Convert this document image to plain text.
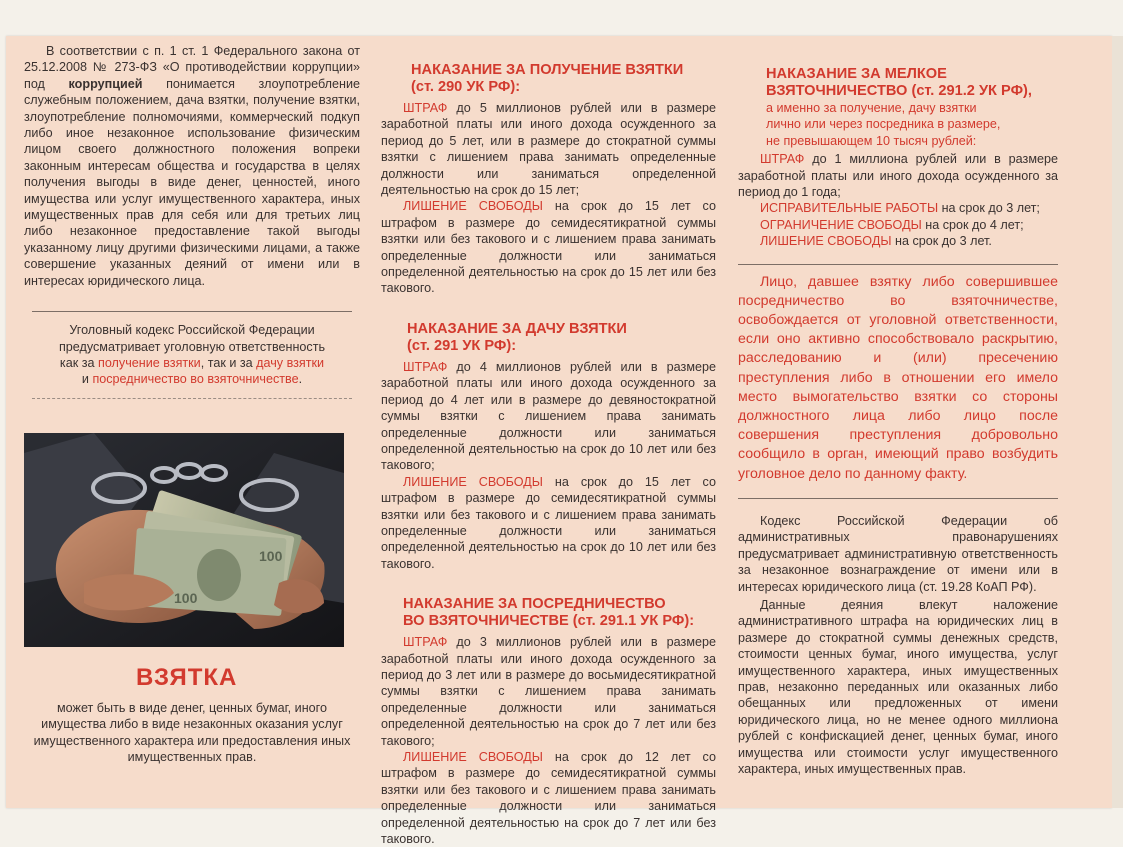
В соответствии с п. 1 ст. 1 Федерального закона от 25.12.2008 № 273-ФЗ «О противодействии коррупции» под коррупцией понимается злоупотребление служебным положением, дача взятки, получение взятки, злоупотребление полномочиями, коммерческий подкуп либо иное незаконное использование физическим лицом своего должностного положения вопреки законным интересам общества и государства в целях получения выгоды в виде денег, ценностей, иного имущества или услуг имущественного характера, иных имущественных прав для себя или для третьих лиц либо незаконное предоставление такой выгоды указанному лицу другими физическими лицами, а также совершение указанных деяний от имени или в интересах юридического лица.

Уголовный кодекс Российской Федерации
предусматривает уголовную ответственность
как за получение взятки, так и за дачу взятки
и посредничество во взяточничестве.
100
100
ВЗЯТКА
может быть в виде денег, ценных бумаг, иного имущества либо в виде незаконных оказания услуг имущественного характера или предоставления иных имущественных прав.
НАКАЗАНИЕ ЗА ПОЛУЧЕНИЕ ВЗЯТКИ
(ст. 290 УК РФ):

ШТРАФ до 5 миллионов рублей или в размере заработной платы или иного дохода осужденного за период до 5 лет, или в размере до стократной суммы взятки с лишением права занимать определенные должности или заниматься определенной деятельностью на срок до 15 лет;

ЛИШЕНИЕ СВОБОДЫ на срок до 15 лет со штрафом в размере до семидесятикратной суммы взятки или без такового и с лишением права занимать определенные должности или заниматься определенной деятельностью на срок до 15 лет или без такового.

НАКАЗАНИЕ ЗА ДАЧУ ВЗЯТКИ
(ст. 291 УК РФ):

ШТРАФ до 4 миллионов рублей или в размере заработной платы или иного дохода осужденного за период до 4 лет или в размере до девяностократной суммы взятки с лишением права занимать определенные должности или заниматься определенной деятельностью на срок до 10 лет или без такового;

ЛИШЕНИЕ СВОБОДЫ на срок до 15 лет со штрафом в размере до семидесятикратной суммы взятки или без такового и с лишением права занимать определенные должности или заниматься определенной деятельностью на срок до 10 лет или без такового.

НАКАЗАНИЕ ЗА ПОСРЕДНИЧЕСТВО
ВО ВЗЯТОЧНИЧЕСТВЕ (ст. 291.1 УК РФ):

ШТРАФ до 3 миллионов рублей или в размере заработной платы или иного дохода осужденного за период до 3 лет или в размере до восьмидесятикратной суммы взятки с лишением права занимать определенные должности или заниматься определенной деятельностью на срок до 7 лет или без такового;

ЛИШЕНИЕ СВОБОДЫ на срок до 12 лет со штрафом в размере до семидесятикратной суммы взятки или без такового и с лишением права занимать определенные должности или заниматься определенной деятельностью на срок до 7 лет или без такового.

НАКАЗАНИЕ ЗА МЕЛКОЕ
ВЗЯТОЧНИЧЕСТВО (ст. 291.2 УК РФ),
а именно за получение, дачу взятки
лично или через посредника в размере,
не превышающем 10 тысяч рублей:

ШТРАФ до 1 миллиона рублей или в размере заработной платы или иного дохода осужденного за период до 1 года;

ИСПРАВИТЕЛЬНЫЕ РАБОТЫ на срок до 3 лет;
ОГРАНИЧЕНИЕ СВОБОДЫ на срок до 4 лет;
ЛИШЕНИЕ СВОБОДЫ на срок до 3 лет.

Лицо, давшее взятку либо совершившее посредничество во взяточничестве, освобождается от уголовной ответственности, если оно активно способствовало раскрытию, расследованию и (или) пресечению преступления либо в отношении его имело место вымогательство взятки со стороны должностного лица либо лицо после совершения преступления добровольно сообщило в орган, имеющий право возбудить уголовное дело по данному факту.

Кодекс Российской Федерации об административных правонарушениях предусматривает административную ответственность за незаконное вознаграждение от имени или в интересах юридического лица (ст. 19.28 КоАП РФ).

Данные деяния влекут наложение административного штрафа на юридических лиц в размере до стократной суммы денежных средств, стоимости ценных бумаг, иного имущества, услуг имущественного характера, иных имущественных прав, незаконно переданных или оказанных либо обещанных или предложенных от имени юридического лица, но не менее одного миллиона рублей с конфискацией денег, ценных бумаг, иного имущества или стоимости услуг имущественного характера, иных имущественных прав.
